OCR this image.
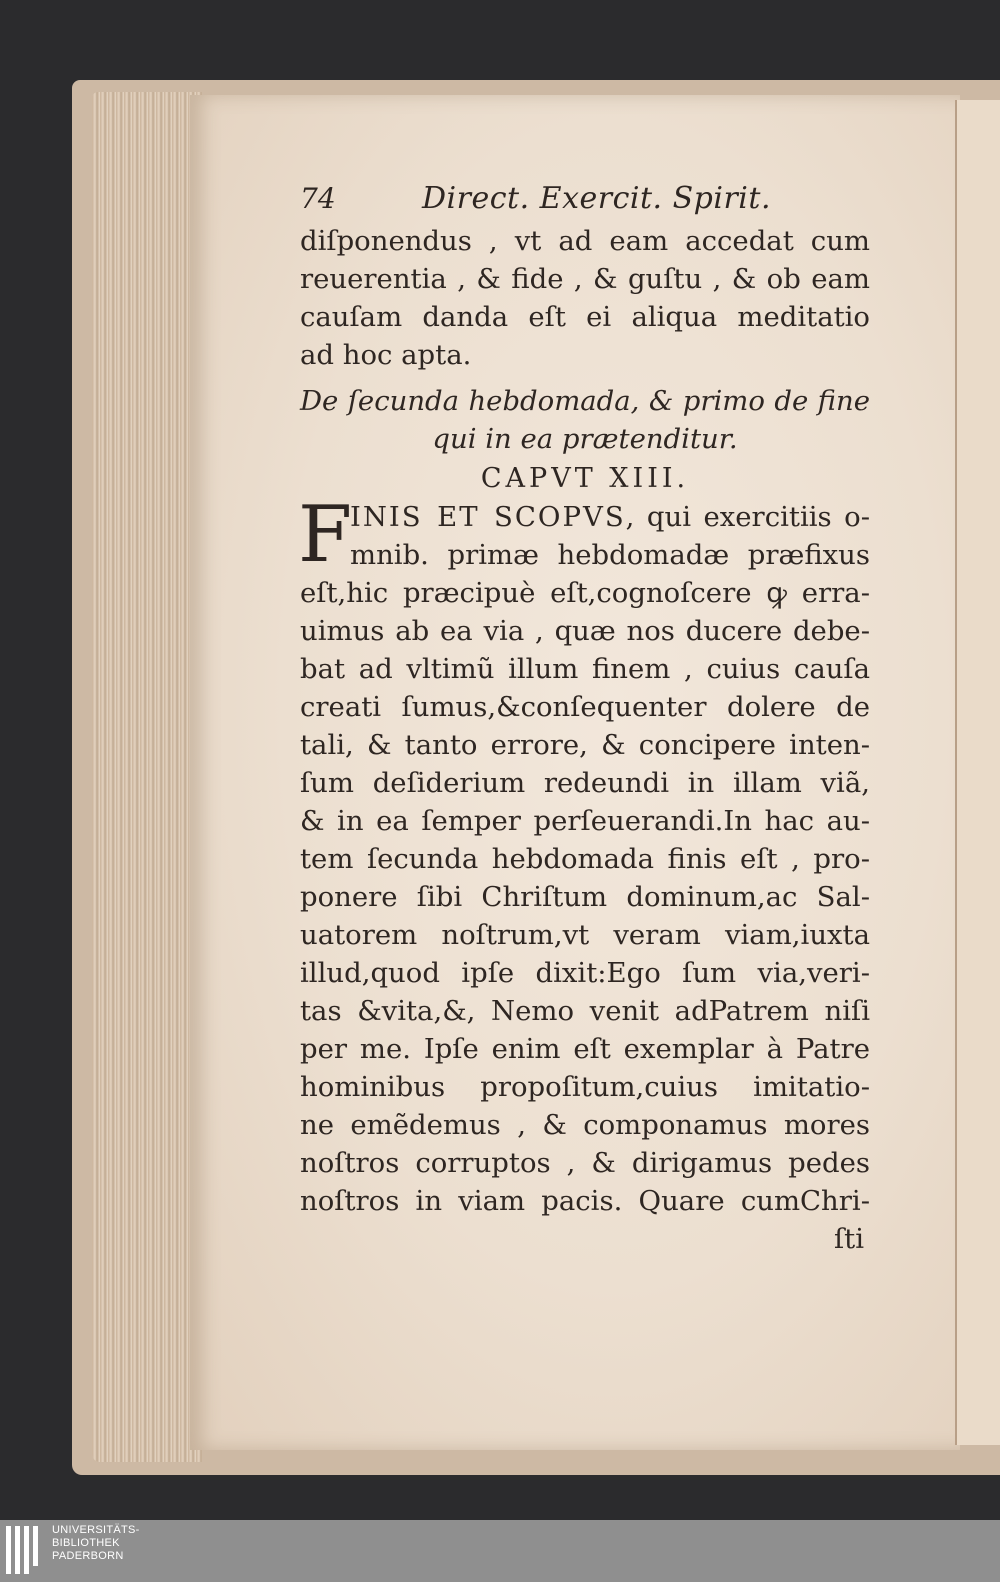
74	Direct. Exercit. Spirit.
diſponendus , vt ad eam accedat cum
reuerentia , & fide , & guſtu , & ob eam
cauſam danda eſt ei aliqua meditatio
ad hoc apta.
De ſecunda hebdomada, & primo de fine
qui in ea prætenditur.
CAPVT XIII.
F
INIS ET SCOPVS, qui exercitiis o-
mnib. primæ hebdomadæ præfixus
eſt,hic præcipuè eſt,cognoſcere ꝙ erra-
uimus ab ea via , quæ nos ducere debe-
bat ad vltimũ illum finem , cuius cauſa
creati ſumus,&conſequenter dolere de
tali, & tanto errore, & concipere inten-
ſum deſiderium redeundi in illam viã,
& in ea ſemper perſeuerandi.In hac au-
tem ſecunda hebdomada finis eſt , pro-
ponere ſibi Chriſtum dominum,ac Sal-
uatorem noſtrum,vt veram viam,iuxta
illud,quod ipſe dixit:Ego ſum via,veri-
tas &vita,&, Nemo venit adPatrem niſi
per me. Ipſe enim eſt exemplar à Patre
hominibus propoſitum,cuius imitatio-
ne emẽdemus , & componamus mores
noſtros corruptos , & dirigamus pedes
noſtros in viam pacis. Quare cumChri-
ſti
UNIVERSITÄTS-
BIBLIOTHEK
PADERBORN
